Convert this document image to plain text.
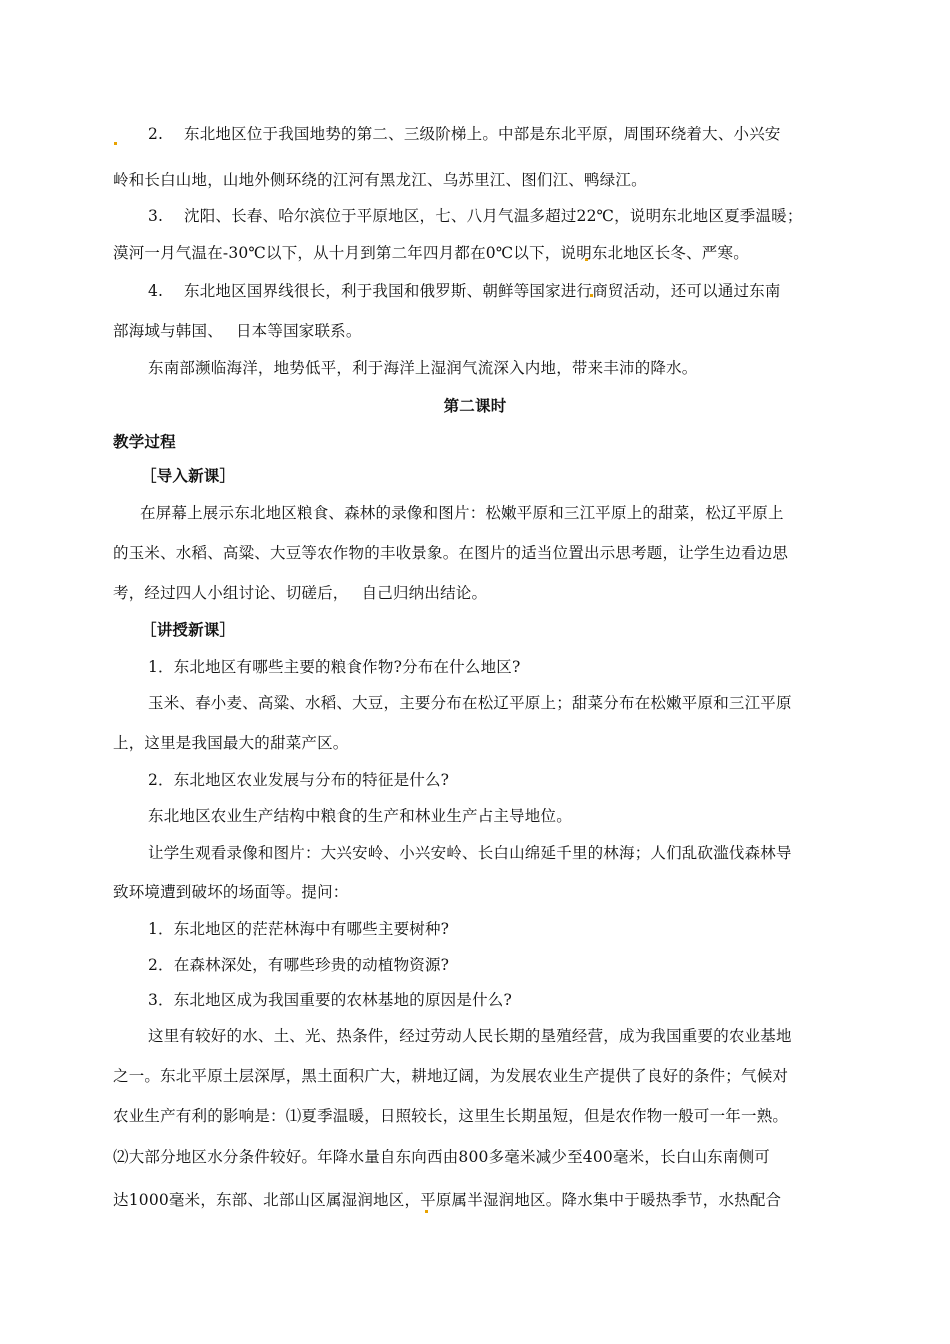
2.　 东北地区位于我国地势的第二、三级阶梯上。中部是东北平原，周围环绕着大、小兴安
岭和长白山地，山地外侧环绕的江河有黑龙江、乌苏里江、图们江、鸭绿江。
3.　 沈阳、长春、哈尔滨位于平原地区，七、八月气温多超过22℃，说明东北地区夏季温暖；
漠河一月气温在-30℃以下，从十月到第二年四月都在0℃以下，说明东北地区长冬、严寒。
4.　 东北地区国界线很长，利于我国和俄罗斯、朝鲜等国家进行商贸活动，还可以通过东南
部海域与韩国、　 日本等国家联系。
东南部濒临海洋，地势低平，利于海洋上湿润气流深入内地，带来丰沛的降水。
第二课时
教学过程
［导入新课］
在屏幕上展示东北地区粮食、森林的录像和图片：松嫩平原和三江平原上的甜菜，松辽平原上
的玉米、水稻、高粱、大豆等农作物的丰收景象。在图片的适当位置出示思考题，让学生边看边思
考，经过四人小组讨论、切磋后，　 自己归纳出结论。
［讲授新课］
1．东北地区有哪些主要的粮食作物?分布在什么地区?
玉米、春小麦、高粱、水稻、大豆，主要分布在松辽平原上；甜菜分布在松嫩平原和三江平原
上，这里是我国最大的甜菜产区。
2．东北地区农业发展与分布的特征是什么?
东北地区农业生产结构中粮食的生产和林业生产占主导地位。
让学生观看录像和图片：大兴安岭、小兴安岭、长白山绵延千里的林海；人们乱砍滥伐森林导
致环境遭到破坏的场面等。提问：
1．东北地区的茫茫林海中有哪些主要树种?
2．在森林深处，有哪些珍贵的动植物资源?
3．东北地区成为我国重要的农林基地的原因是什么?
这里有较好的水、土、光、热条件，经过劳动人民长期的垦殖经营，成为我国重要的农业基地
之一。东北平原土层深厚，黑土面积广大，耕地辽阔，为发展农业生产提供了良好的条件；气候对
农业生产有利的影响是：⑴夏季温暖，日照较长，这里生长期虽短，但是农作物一般可一年一熟。
⑵大部分地区水分条件较好。年降水量自东向西由800多毫米减少至400毫米，长白山东南侧可
达1000毫米，东部、北部山区属湿润地区，平原属半湿润地区。降水集中于暖热季节，水热配合
